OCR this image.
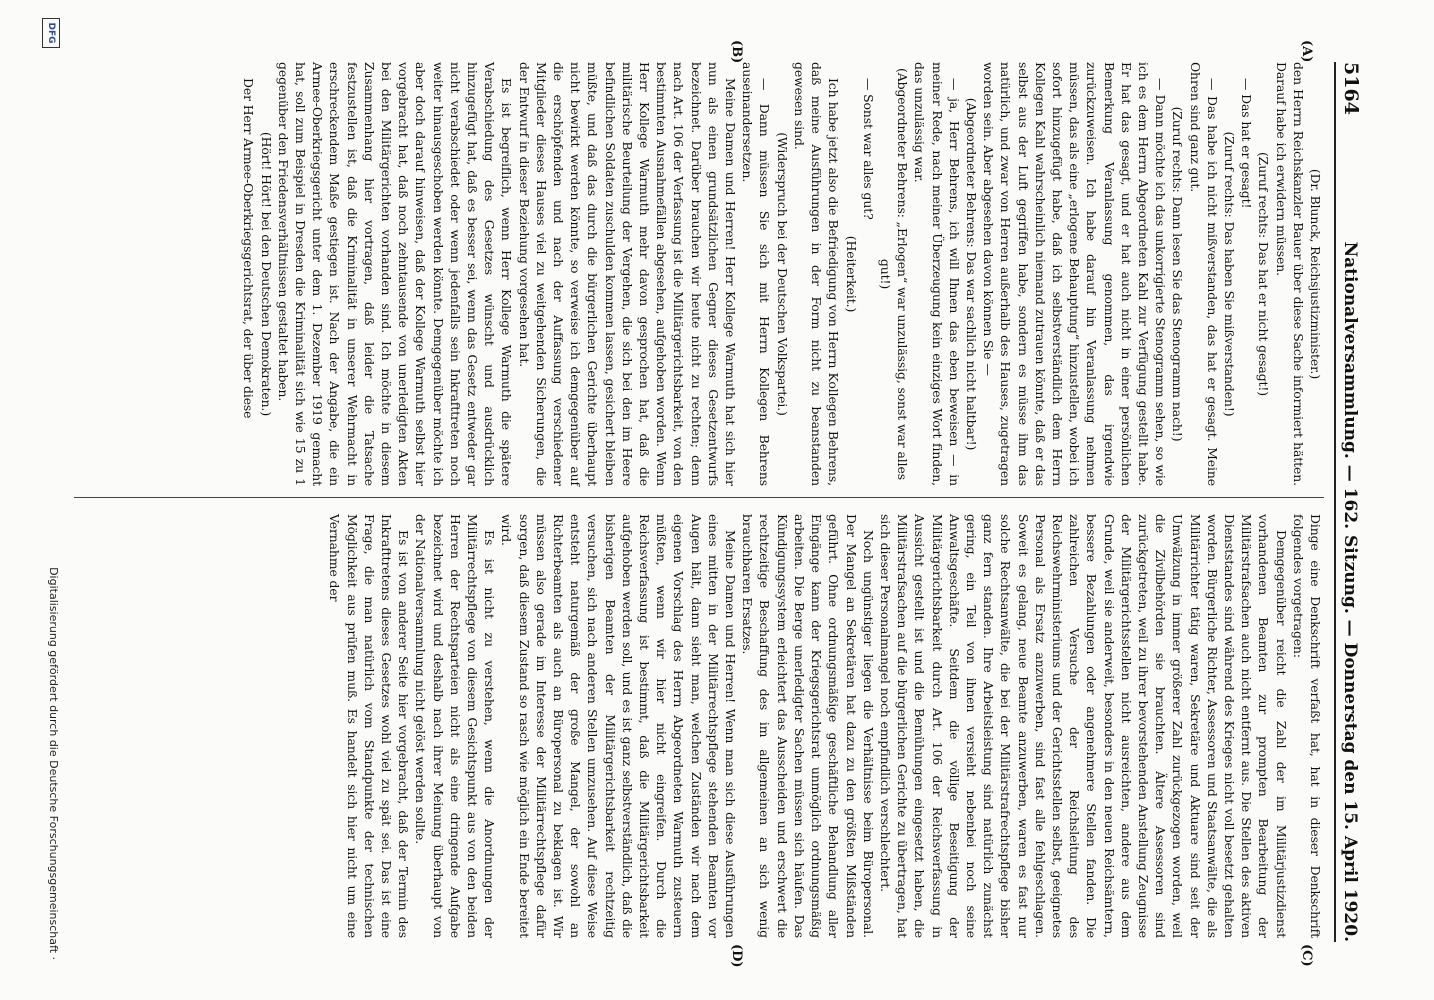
5164
Nationalversammlung. — 162. Sitzung. — Donnerstag den 15. April 1920.
(A)
(B)
(C)
(D)

(Dr. Blunck, Reichsjustizminister.)

den Herrn Reichskanzler Bauer über diese Sache informiert hätten. Darauf habe ich erwidern müssen.

(Zuruf rechts: Das hat er nicht gesagt!)

— Das hat er gesagt!

(Zuruf rechts: Das haben Sie mißverstanden!)

— Das habe ich nicht mißverstanden, das hat er gesagt. Meine Ohren sind ganz gut.

(Zuruf rechts: Dann lesen Sie das Stenogramm nach!)

— Dann möchte ich das unkorrigierte Stenogramm sehen, so wie ich es dem Herrn Abgeordneten Kahl zur Verfügung gestellt habe. Er hat das gesagt, und er hat auch nicht in einer persönlichen Bemerkung Veranlassung genommen, das irgendwie zurückzuweisen. Ich habe darauf hin Veranlassung nehmen müssen, das als eine „erlogene Behauptung“ hinzustellen, wobei ich sofort hinzugefügt habe, daß ich selbstverständlich dem Herrn Kollegen Kahl wahrscheinlich niemand zutrauen könnte, daß er das selbst aus der Luft gegriffen habe, sondern es müsse ihm das natürlich, und zwar von Herren außerhalb des Hauses, zugetragen worden sein. Aber abgesehen davon können Sie —

(Abgeordneter Behrens: Das war sachlich nicht haltbar!)

— ja, Herr Behrens, ich will Ihnen das eben beweisen — in meiner Rede, nach meiner Überzeugung kein einziges Wort finden, das unzulässig war.

(Abgeordneter Behrens: „Erlogen“ war unzulässig, sonst war alles gut!)

— Sonst war alles gut?

(Heiterkeit.)

Ich habe jetzt also die Befriedigung von Herrn Kollegen Behrens, daß meine Ausführungen in der Form nicht zu beanstanden gewesen sind.

(Widerspruch bei der Deutschen Volkspartei.)

— Dann müssen Sie sich mit Herrn Kollegen Behrens auseinandersetzen.

Meine Damen und Herren! Herr Kollege Warmuth hat sich hier nun als einen grundsätzlichen Gegner dieses Gesetzentwurfs bezeichnet. Darüber brauchen wir heute nicht zu rechten; denn nach Art. 106 der Verfassung ist die Militärgerichtsbarkeit, von den bestimmten Ausnahmefällen abgesehen, aufgehoben worden. Wenn Herr Kollege Warmuth mehr davon gesprochen hat, daß die militärische Beurteilung der Vergehen, die sich bei den im Heere befindlichen Soldaten zuschulden kommen lassen, gesichert bleiben müßte, und daß das durch die bürgerlichen Gerichte überhaupt nicht bewirkt werden könnte, so verweise ich demgegenüber auf die erschöpfenden und nach der Auffassung verschiedener Mitglieder dieses Hauses viel zu weitgehenden Sicherungen, die der Entwurf in dieser Beziehung vorgesehen hat.

Es ist begreiflich, wenn Herr Kollege Warmuth die spätere Verabschiedung des Gesetzes wünscht und ausdrücklich hinzugefügt hat, daß es besser sei, wenn das Gesetz entweder gar nicht verabschiedet oder wenn jedenfalls sein Inkrafttreten noch weiter hinausgeschoben werden könnte. Demgegenüber möchte ich aber doch darauf hinweisen, daß der Kollege Warmuth selbst hier vorgebracht hat, daß noch zehntausende von unerledigten Akten bei den Militärgerichten vorhanden sind. Ich möchte in diesem Zusammenhang hier vortragen, daß leider die Tatsache festzustellen ist, daß die Kriminalität in unserer Wehrmacht in erschreckendem Maße gestiegen ist. Nach der Angabe, die ein Armee-Oberkriegsgericht unter dem 1. Dezember 1919 gemacht hat, soll zum Beispiel in Dresden die Kriminalität sich wie 15 zu 1 gegenüber den Friedensverhältnissen gestaltet haben.

(Hört! Hört! bei den Deutschen Demokraten.)

Der Herr Armee-Oberkriegsgerichtsrat, der über diese

Dinge eine Denkschrift verfaßt hat, hat in dieser Denkschrift folgendes vorgetragen:

Demgegenüber reicht die Zahl der im Militärjustizdienst vorhandenen Beamten zur prompten Bearbeitung der Militärstrafsachen auch nicht entfernt aus. Die Stellen des aktiven Dienststandes sind während des Krieges nicht voll besetzt gehalten worden. Bürgerliche Richter, Assessoren und Staatsanwälte, die als Militärrichter tätig waren, Sekretäre und Aktuare sind seit der Umwälzung in immer größerer Zahl zurückgezogen worden, weil die Zivilbehörden sie brauchten. Ältere Assessoren sind zurückgetreten, weil zu ihrer bevorstehenden Anstellung Zeugnisse der Militärgerichtsstellen nicht ausreichten, andere aus dem Grunde, weil sie anderweit, besonders in den neuen Reichsämtern, bessere Bezahlungen oder angenehmere Stellen fanden. Die zahlreichen Versuche der Reichsleitung des Reichswehrministeriums und der Gerichtsstellen selbst, geeignetes Personal als Ersatz anzuwerben, sind fast alle fehlgeschlagen. Soweit es gelang, neue Beamte anzuwerben, waren es fast nur solche Rechtsanwälte, die bei der Militärstrafrechtspflege bisher ganz fern standen. Ihre Arbeitsleistung sind natürlich zunächst gering, ein Teil von ihnen versieht nebenbei noch seine Anwaltsgeschäfte. Seitdem die völlige Beseitigung der Militärgerichtsbarkeit durch Art. 106 der Reichsverfassung in Aussicht gestellt ist und die Bemühungen eingesetzt haben, die Militärstrafsachen auf die bürgerlichen Gerichte zu übertragen, hat sich dieser Personalmangel noch empfindlich verschlechtert.

Noch ungünstiger liegen die Verhältnisse beim Büropersonal. Der Mangel an Sekretären hat dazu zu den größten Mißständen geführt. Ohne ordnungsmäßige geschäftliche Behandlung aller Eingänge kann der Kriegsgerichtsrat unmöglich ordnungsmäßig arbeiten. Die Berge unerledigter Sachen müssen sich häufen. Das Kündigungssystem erleichtert das Ausscheiden und erschwert die rechtzeitige Beschaffung des im allgemeinen an sich wenig brauchbaren Ersatzes.

Meine Damen und Herren! Wenn man sich diese Ausführungen eines mitten in der Militärrechtspflege stehenden Beamten vor Augen hält, dann sieht man, welchen Zuständen wir nach dem eigenen Vorschlag des Herrn Abgeordneten Warmuth zusteuern müßten, wenn wir hier nicht eingreifen. Durch die Reichsverfassung ist bestimmt, daß die Militärgerichtsbarkeit aufgehoben werden soll, und es ist ganz selbstverständlich, daß die bisherigen Beamten der Militärgerichtsbarkeit rechtzeitig versuchen, sich nach anderen Stellen umzusehen. Auf diese Weise entsteht naturgemäß der große Mangel, der sowohl an Richterbeamten als auch an Büropersonal zu beklagen ist. Wir müssen also gerade im Interesse der Militärrechtspflege dafür sorgen, daß diesem Zustand so rasch wie möglich ein Ende bereitet wird.

Es ist nicht zu verstehen, wenn die Anordnungen der Militärrechtspflege von diesem Gesichtspunkt aus von den beiden Herren der Rechtsparteien nicht als eine dringende Aufgabe bezeichnet wird und deshalb nach ihrer Meinung überhaupt von der Nationalversammlung nicht gelöst werden sollte.

Es ist von anderer Seite hier vorgebracht, daß der Termin des Inkrafttretens dieses Gesetzes wohl viel zu spät sei. Das ist eine Frage, die man natürlich vom Standpunkte der technischen Möglichkeit aus prüfen muß. Es handelt sich hier nicht um eine Vernahme der

DFG
Digitalisierung gefördert durch die Deutsche Forschungsgemeinschaft ·
